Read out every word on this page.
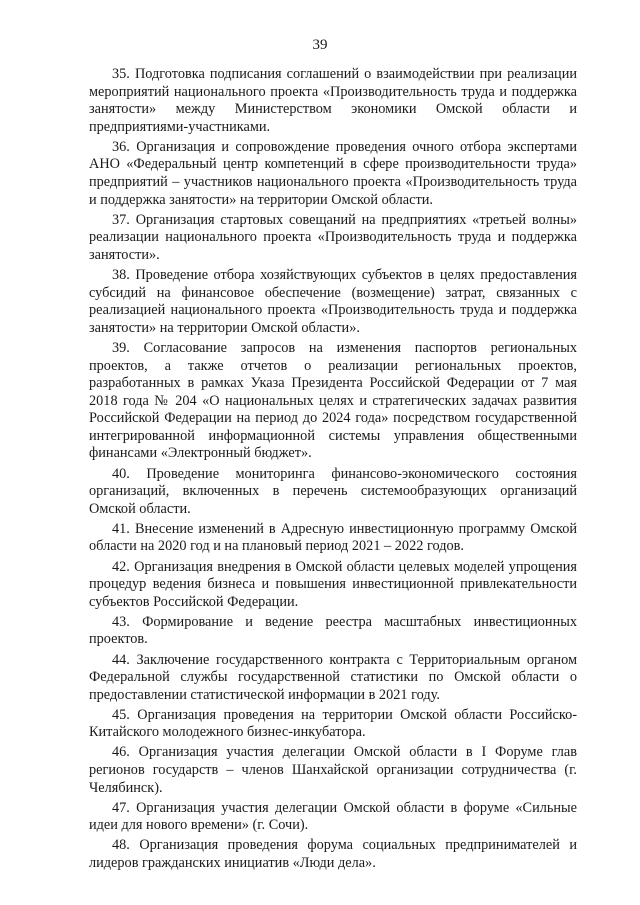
39

35. Подготовка подписания соглашений о взаимодействии при реализации мероприятий национального проекта «Производительность труда и поддержка занятости» между Министерством экономики Омской области и предприятиями-участниками.

36. Организация и сопровождение проведения очного отбора экспертами АНО «Федеральный центр компетенций в сфере производительности труда» предприятий – участников национального проекта «Производительность труда и поддержка занятости» на территории Омской области.

37. Организация стартовых совещаний на предприятиях «третьей волны» реализации национального проекта «Производительность труда и поддержка занятости».

38. Проведение отбора хозяйствующих субъектов в целях предоставления субсидий на финансовое обеспечение (возмещение) затрат, связанных с реализацией национального проекта «Производительность труда и поддержка занятости» на территории Омской области».

39. Согласование запросов на изменения паспортов региональных проектов, а также отчетов о реализации региональных проектов, разработанных в рамках Указа Президента Российской Федерации от 7 мая 2018 года № 204 «О национальных целях и стратегических задачах развития Российской Федерации на период до 2024 года» посредством государственной интегрированной информационной системы управления общественными финансами «Электронный бюджет».

40. Проведение мониторинга финансово-экономического состояния организаций, включенных в перечень системообразующих организаций Омской области.

41. Внесение изменений в Адресную инвестиционную программу Омской области на 2020 год и на плановый период 2021 – 2022 годов.

42. Организация внедрения в Омской области целевых моделей упрощения процедур ведения бизнеса и повышения инвестиционной привлекательности субъектов Российской Федерации.

43. Формирование и ведение реестра масштабных инвестиционных проектов.

44. Заключение государственного контракта с Территориальным органом Федеральной службы государственной статистики по Омской области о предоставлении статистической информации в 2021 году.

45. Организация проведения на территории Омской области Российско-Китайского молодежного бизнес-инкубатора.

46. Организация участия делегации Омской области в I Форуме глав регионов государств – членов Шанхайской организации сотрудничества (г. Челябинск).

47. Организация участия делегации Омской области в форуме «Сильные идеи для нового времени» (г. Сочи).

48. Организация проведения форума социальных предпринимателей и лидеров гражданских инициатив «Люди дела».
